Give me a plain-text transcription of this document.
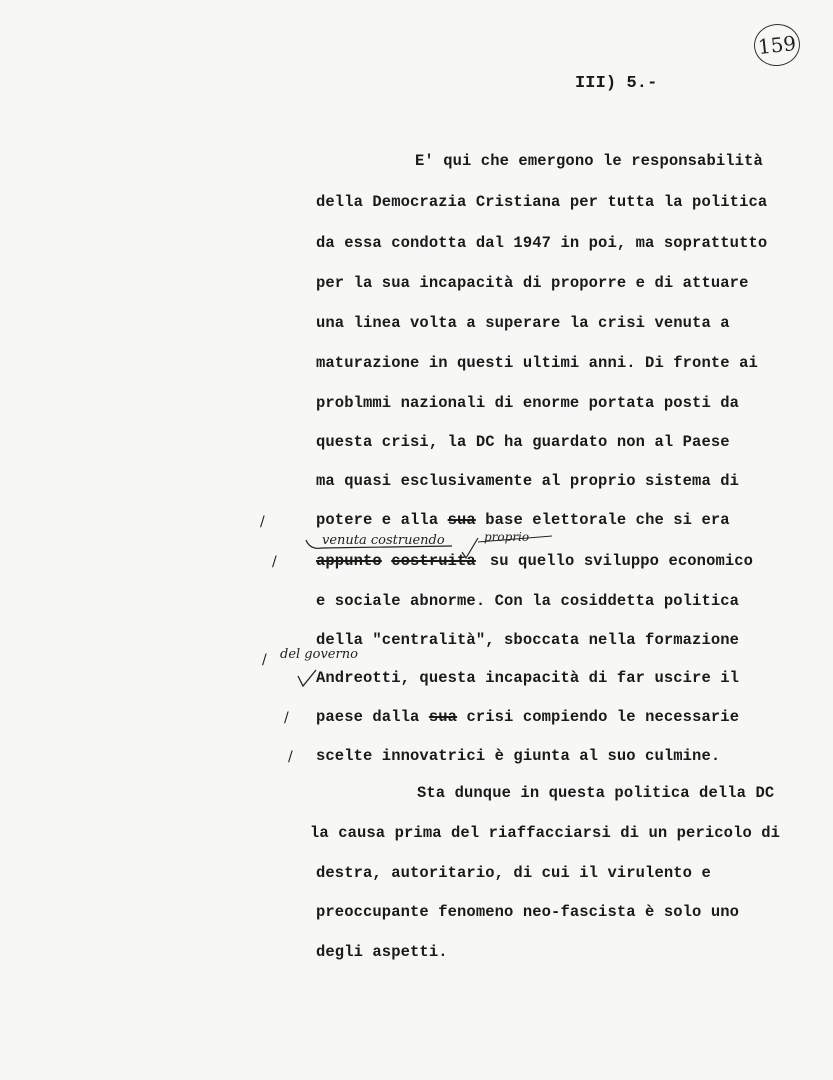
159
III) 5.-
E' qui che emergono le responsabilità
della Democrazia Cristiana per tutta la politica
da essa condotta dal 1947 in poi, ma soprattutto
per la sua incapacità di proporre e di attuare
una linea volta a superare la crisi venuta a
maturazione in questi ultimi anni. Di fronte ai
problmmi nazionali di enorme portata posti da
questa crisi, la DC ha guardato non al Paese
ma quasi esclusivamente al proprio sistema di
potere e alla sua base elettorale che si era
venuta costruendo	proprio
appunto costruita su quello sviluppo economico
e sociale abnorme. Con la cosiddetta politica
della "centralità", sboccata nella formazione
del governo
Andreotti, questa incapacità di far uscire il
paese dalla sua crisi compiendo le necessarie
scelte innovatrici è giunta al suo culmine.
/
/
/
/
/
Sta dunque in questa politica della DC
la causa prima del riaffacciarsi di un pericolo di
destra, autoritario, di cui il virulento e
preoccupante fenomeno neo-fascista è solo uno
degli aspetti.
